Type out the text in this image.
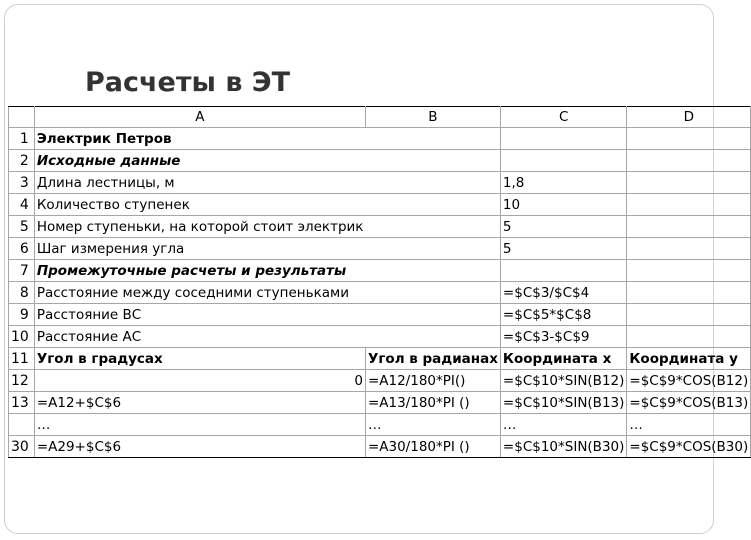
Расчеты в ЭТ
	A	B	C	D
1	Электрик Петров			
2	Исходные данные			
3	Длина лестницы, м		1,8	
4	Количество ступенек		10	
5	Номер ступеньки, на которой стоит электрик		5	
6	Шаг измерения угла		5	
7	Промежуточные расчеты и результаты			
8	Расстояние между соседними ступеньками		=$C$3/$C$4	
9	Расстояние ВС		=$C$5*$C$8	
10	Расстояние АС		=$C$3-$C$9	
11	Угол в градусах	Угол в радианах	Координата x	Координата y
12	0	=A12/180*PI()	=$C$10*SIN(B12)	=$C$9*COS(B12)
13	=A12+$C$6	=A13/180*PI ()	=$C$10*SIN(B13)	=$C$9*COS(B13)
	…	…	…	…
30	=A29+$C$6	=A30/180*PI ()	=$C$10*SIN(B30)	=$C$9*COS(B30)
